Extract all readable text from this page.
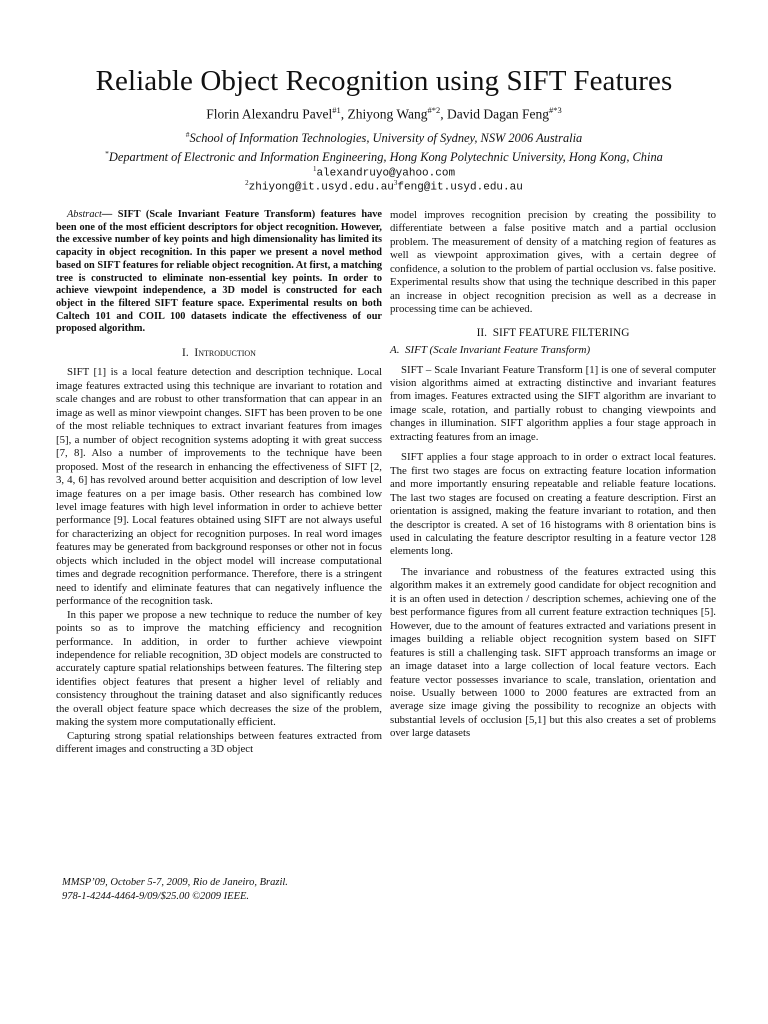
Reliable Object Recognition using SIFT Features
Florin Alexandru Pavel$^{\#1}$, Zhiyong Wang$^{\#*2}$, David Dagan Feng$^{\#*3}$
#School of Information Technologies, University of Sydney, NSW 2006 Australia
*Department of Electronic and Information Engineering, Hong Kong Polytechnic University, Hong Kong, China
$^1$alexandruyo@yahoo.com
$^2zhiyong@it.usyd.edu.au^3feng@it.usyd.edu.au$

Abstract— SIFT (Scale Invariant Feature Transform) features have been one of the most efficient descriptors for object recognition. However, the excessive number of key points and high dimensionality has limited its capacity in object recognition. In this paper we present a novel method based on SIFT features for reliable object recognition. At first, a matching tree is constructed to eliminate non-essential key points. In order to achieve viewpoint independence, a 3D model is constructed for each object in the filtered SIFT feature space. Experimental results on both Caltech 101 and COIL 100 datasets indicate the effectiveness of our proposed algorithm.

I. Introduction

SIFT [1] is a local feature detection and description technique. Local image features extracted using this technique are invariant to rotation and scale changes and are robust to other transformation that can appear in an image as well as minor viewpoint changes. SIFT has been proven to be one of the most reliable techniques to extract invariant features from images [5], a number of object recognition systems adopting it with great success [7, 8]. Also a number of improvements to the technique have been proposed. Most of the research in enhancing the effectiveness of SIFT [2, 3, 4, 6] has revolved around better acquisition and description of low level image features on a per image basis. Other research has combined low level image features with high level information in order to achieve better performance [9]. Local features obtained using SIFT are not always useful for characterizing an object for recognition purposes. In real word images features may be generated from background responses or other not in focus objects which included in the object model will increase computational times and degrade recognition performance. Therefore, there is a stringent need to identify and eliminate features that can negatively influence the performance of the recognition task.

In this paper we propose a new technique to reduce the number of key points so as to improve the matching efficiency and recognition performance. In addition, in order to further achieve viewpoint independence for reliable recognition, 3D object models are constructed to accurately capture spatial relationships between features. The filtering step identifies object features that present a higher level of reliably and consistency throughout the training dataset and also significantly reduces the overall object feature space which decreases the size of the problem, making the system more computationally efficient.

Capturing strong spatial relationships between features extracted from different images and constructing a 3D object

model improves recognition precision by creating the possibility to differentiate between a false positive match and a partial occlusion problem. The measurement of density of a matching region of features as well as viewpoint approximation gives, with a certain degree of confidence, a solution to the problem of partial occlusion vs. false positive. Experimental results show that using the technique described in this paper an increase in object recognition precision as well as a decrease in processing time can be achieved.

II. SIFT FEATURE FILTERING
A. SIFT (Scale Invariant Feature Transform)

SIFT – Scale Invariant Feature Transform [1] is one of several computer vision algorithms aimed at extracting distinctive and invariant features from images. Features extracted using the SIFT algorithm are invariant to image scale, rotation, and partially robust to changing viewpoints and changes in illumination. SIFT algorithm applies a four stage approach in extracting features from an image.

SIFT applies a four stage approach to in order o extract local features. The first two stages are focus on extracting feature location information and more importantly ensuring repeatable and reliable feature locations. The last two stages are focused on creating a feature description. First an orientation is assigned, making the feature invariant to rotation, and then the descriptor is created. A set of 16 histograms with 8 orientation bins is used in calculating the feature descriptor resulting in a feature vector 128 elements long.

The invariance and robustness of the features extracted using this algorithm makes it an extremely good candidate for object recognition and it is an often used in detection / description schemes, achieving one of the best performance figures from all current feature extraction techniques [5]. However, due to the amount of features extracted and variations present in images building a reliable object recognition system based on SIFT features is still a challenging task. SIFT approach transforms an image or an image dataset into a large collection of local feature vectors. Each feature vector possesses invariance to scale, translation, orientation and noise. Usually between 1000 to 2000 features are extracted from an average size image giving the possibility to recognize an objects with substantial levels of occlusion [5,1] but this also creates a set of problems over large datasets

MMSP’09, October 5-7, 2009, Rio de Janeiro, Brazil.
978-1-4244-4464-9/09/$25.00 ©2009 IEEE.
